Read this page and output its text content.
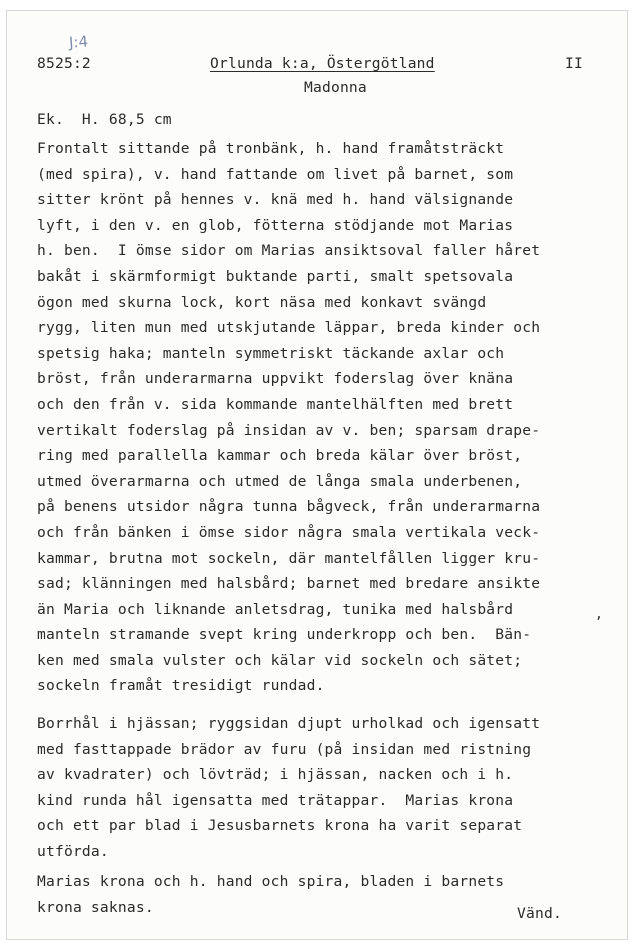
J:4
8525:2	Orlunda k:a, Östergötland	II
Madonna
Ek.  H. 68,5 cm
Frontalt sittande på tronbänk, h. hand framåtsträckt
(med spira), v. hand fattande om livet på barnet, som
sitter krönt på hennes v. knä med h. hand välsignande
lyft, i den v. en glob, fötterna stödjande mot Marias
h. ben.  I ömse sidor om Marias ansiktsoval faller håret
bakåt i skärmformigt buktande parti, smalt spetsovala
ögon med skurna lock, kort näsa med konkavt svängd
rygg, liten mun med utskjutande läppar, breda kinder och
spetsig haka; manteln symmetriskt täckande axlar och
bröst, från underarmarna uppvikt foderslag över knäna
och den från v. sida kommande mantelhälften med brett
vertikalt foderslag på insidan av v. ben; sparsam drape-
ring med parallella kammar och breda kälar över bröst,
utmed överarmarna och utmed de långa smala underbenen,
på benens utsidor några tunna bågveck, från underarmarna
och från bänken i ömse sidor några smala vertikala veck-
kammar, brutna mot sockeln, där mantelfållen ligger kru-
sad; klänningen med halsbård; barnet med bredare ansikte
än Maria och liknande anletsdrag, tunika med halsbård
manteln stramande svept kring underkropp och ben.  Bän-
ken med smala vulster och kälar vid sockeln och sätet;
sockeln framåt tresidigt rundad.
,
Borrhål i hjässan; ryggsidan djupt urholkad och igensatt
med fasttappade brädor av furu (på insidan med ristning
av kvadrater) och lövträd; i hjässan, nacken och i h.
kind runda hål igensatta med trätappar.  Marias krona
och ett par blad i Jesusbarnets krona ha varit separat
utförda.
Marias krona och h. hand och spira, bladen i barnets
krona saknas.	Vänd.
